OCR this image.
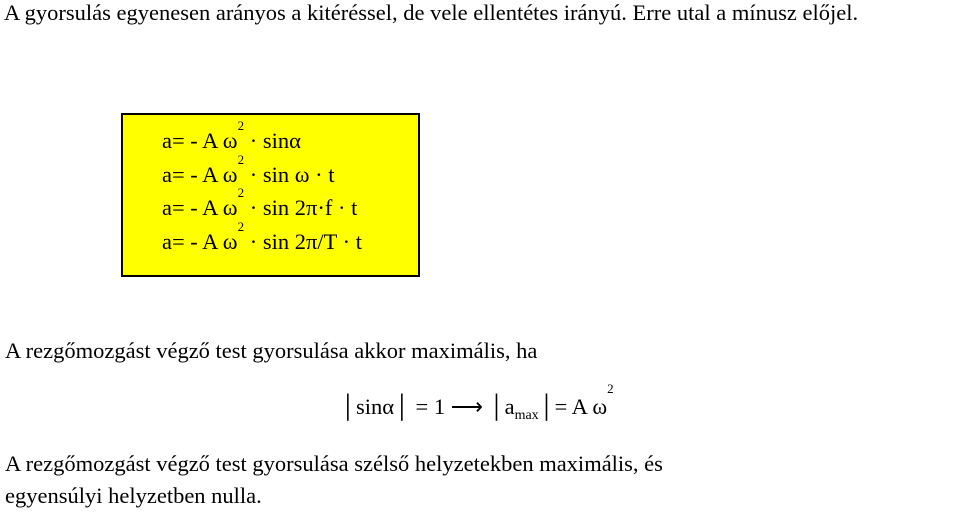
A gyorsulás egyenesen arányos a kitéréssel, de vele ellentétes irányú. Erre utal a mínusz előjel.

a= - A $\omega^2 \cdot \sin\alpha$
a= - A $\omega^2 \cdot \sin \omega \cdot t$
a= - A $\omega^2 \cdot \sin 2\pi\cdot f \cdot t$
a= - A $\omega^2 \cdot \sin 2\pi/T \cdot t$

A rezgőmozgást végző test gyorsulása akkor maximális, ha

│sinα│ = 1 ⟶ $│a_{max}│= A$ $\omega^2$

A rezgőmozgást végző test gyorsulása szélső helyzetekben maximális, és

egyensúlyi helyzetben nulla.
